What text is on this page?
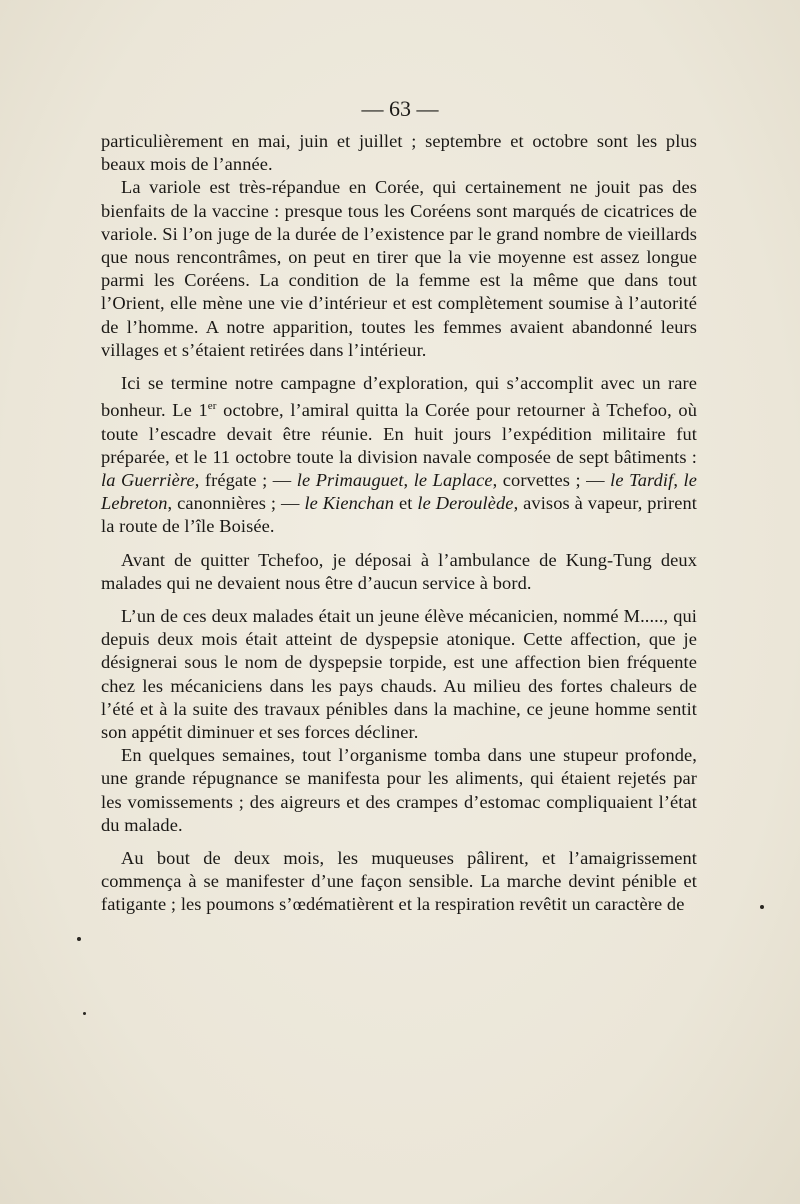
— 63 —

particulièrement en mai, juin et juillet ; septembre et octobre sont les plus beaux mois de l’année.

La variole est très-répandue en Corée, qui certainement ne jouit pas des bienfaits de la vaccine : presque tous les Coréens sont marqués de cicatrices de variole. Si l’on juge de la durée de l’existence par le grand nombre de vieillards que nous rencontrâmes, on peut en tirer que la vie moyenne est assez longue parmi les Coréens. La condition de la femme est la même que dans tout l’Orient, elle mène une vie d’intérieur et est complètement soumise à l’autorité de l’homme. A notre apparition, toutes les femmes avaient abandonné leurs villages et s’étaient retirées dans l’intérieur.

Ici se termine notre campagne d’exploration, qui s’accomplit avec un rare bonheur. Le 1er octobre, l’amiral quitta la Corée pour retourner à Tchefoo, où toute l’escadre devait être réunie. En huit jours l’expédition militaire fut préparée, et le 11 octobre toute la division navale composée de sept bâtiments : la Guerrière, frégate ; — le Primauguet, le Laplace, corvettes ; — le Tardif, le Lebreton, canonnières ; — le Kienchan et le Deroulède, avisos à vapeur, prirent la route de l’île Boisée.

Avant de quitter Tchefoo, je déposai à l’ambulance de Kung-Tung deux malades qui ne devaient nous être d’aucun service à bord.

L’un de ces deux malades était un jeune élève mécanicien, nommé M....., qui depuis deux mois était atteint de dyspepsie atonique. Cette affection, que je désignerai sous le nom de dyspepsie torpide, est une affection bien fréquente chez les mécaniciens dans les pays chauds. Au milieu des fortes chaleurs de l’été et à la suite des travaux pénibles dans la machine, ce jeune homme sentit son appétit diminuer et ses forces décliner.

En quelques semaines, tout l’organisme tomba dans une stupeur profonde, une grande répugnance se manifesta pour les aliments, qui étaient rejetés par les vomissements ; des aigreurs et des crampes d’estomac compliquaient l’état du malade.

Au bout de deux mois, les muqueuses pâlirent, et l’amaigrissement commença à se manifester d’une façon sensible. La marche devint pénible et fatigante ; les poumons s’œdématièrent et la respiration revêtit un caractère de
